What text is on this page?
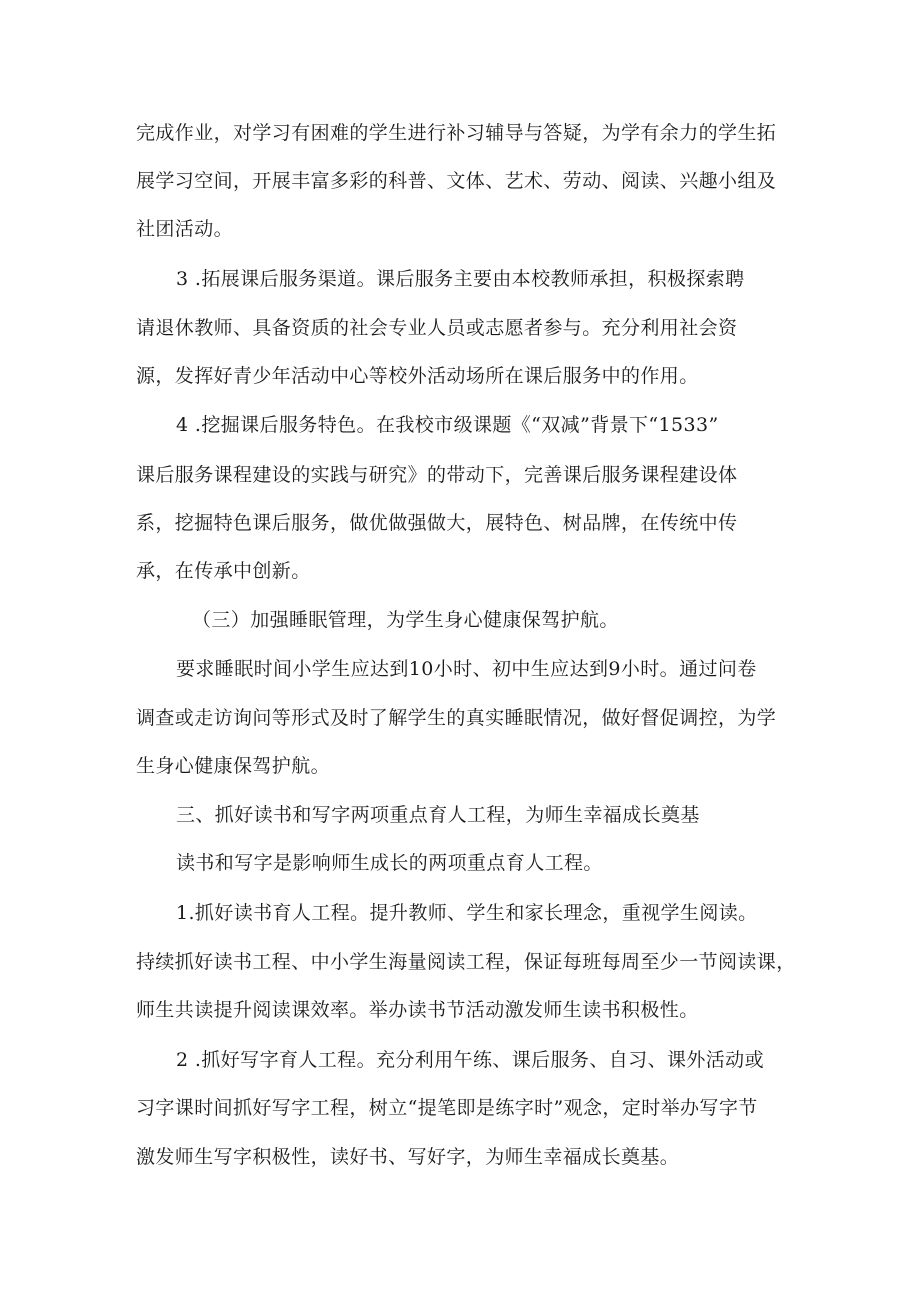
完成作业，对学习有困难的学生进行补习辅导与答疑，为学有余力的学生拓
展学习空间，开展丰富多彩的科普、文体、艺术、劳动、阅读、兴趣小组及
社团活动。
3 .拓展课后服务渠道。课后服务主要由本校教师承担，积极探索聘
请退休教师、具备资质的社会专业人员或志愿者参与。充分利用社会资
源，发挥好青少年活动中心等校外活动场所在课后服务中的作用。
4 .挖掘课后服务特色。在我校市级课题《“双减”背景下“1533”
课后服务课程建设的实践与研究》的带动下，完善课后服务课程建设体
系，挖掘特色课后服务，做优做强做大，展特色、树品牌，在传统中传
承，在传承中创新。
（三）加强睡眠管理，为学生身心健康保驾护航。
要求睡眠时间小学生应达到10小时、初中生应达到9小时。通过问卷
调查或走访询问等形式及时了解学生的真实睡眠情况，做好督促调控，为学
生身心健康保驾护航。
三、抓好读书和写字两项重点育人工程，为师生幸福成长奠基
读书和写字是影响师生成长的两项重点育人工程。
1.抓好读书育人工程。提升教师、学生和家长理念，重视学生阅读。
持续抓好读书工程、中小学生海量阅读工程，保证每班每周至少一节阅读课，
师生共读提升阅读课效率。举办读书节活动激发师生读书积极性。
2 .抓好写字育人工程。充分利用午练、课后服务、自习、课外活动或
习字课时间抓好写字工程，树立“提笔即是练字时”观念，定时举办写字节
激发师生写字积极性，读好书、写好字，为师生幸福成长奠基。
